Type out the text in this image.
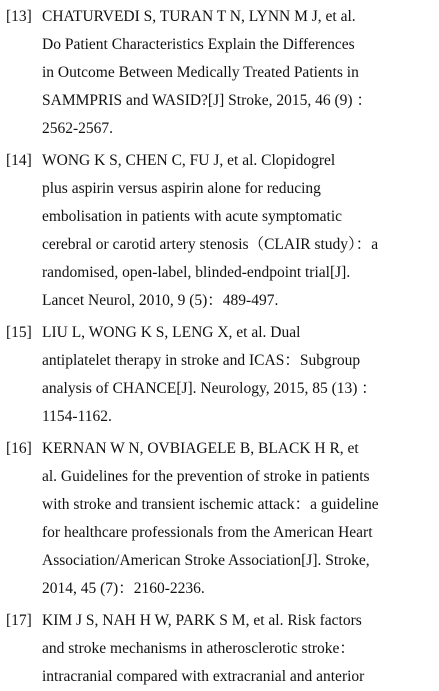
[13] CHATURVEDI S, TURAN T N, LYNN M J, et al.
Do Patient Characteristics Explain the Differences
in Outcome Between Medically Treated Patients in
SAMMPRIS and WASID?[J] Stroke, 2015, 46 (9) ：
2562-2567.
[14] WONG K S, CHEN C, FU J, et al. Clopidogrel
plus aspirin versus aspirin alone for reducing
embolisation in patients with acute symptomatic
cerebral or carotid artery stenosis（CLAIR study）：a
randomised, open-label, blinded-endpoint trial[J].
Lancet Neurol, 2010, 9 (5)：489-497.
[15] LIU L, WONG K S, LENG X, et al. Dual
antiplatelet therapy in stroke and ICAS：Subgroup
analysis of CHANCE[J]. Neurology, 2015, 85 (13) ：
1154-1162.
[16] KERNAN W N, OVBIAGELE B, BLACK H R, et
al. Guidelines for the prevention of stroke in patients
with stroke and transient ischemic attack：a guideline
for healthcare professionals from the American Heart
Association/American Stroke Association[J]. Stroke,
2014, 45 (7)：2160-2236.
[17] KIM J S, NAH H W, PARK S M, et al. Risk factors
and stroke mechanisms in atherosclerotic stroke：
intracranial compared with extracranial and anterior
